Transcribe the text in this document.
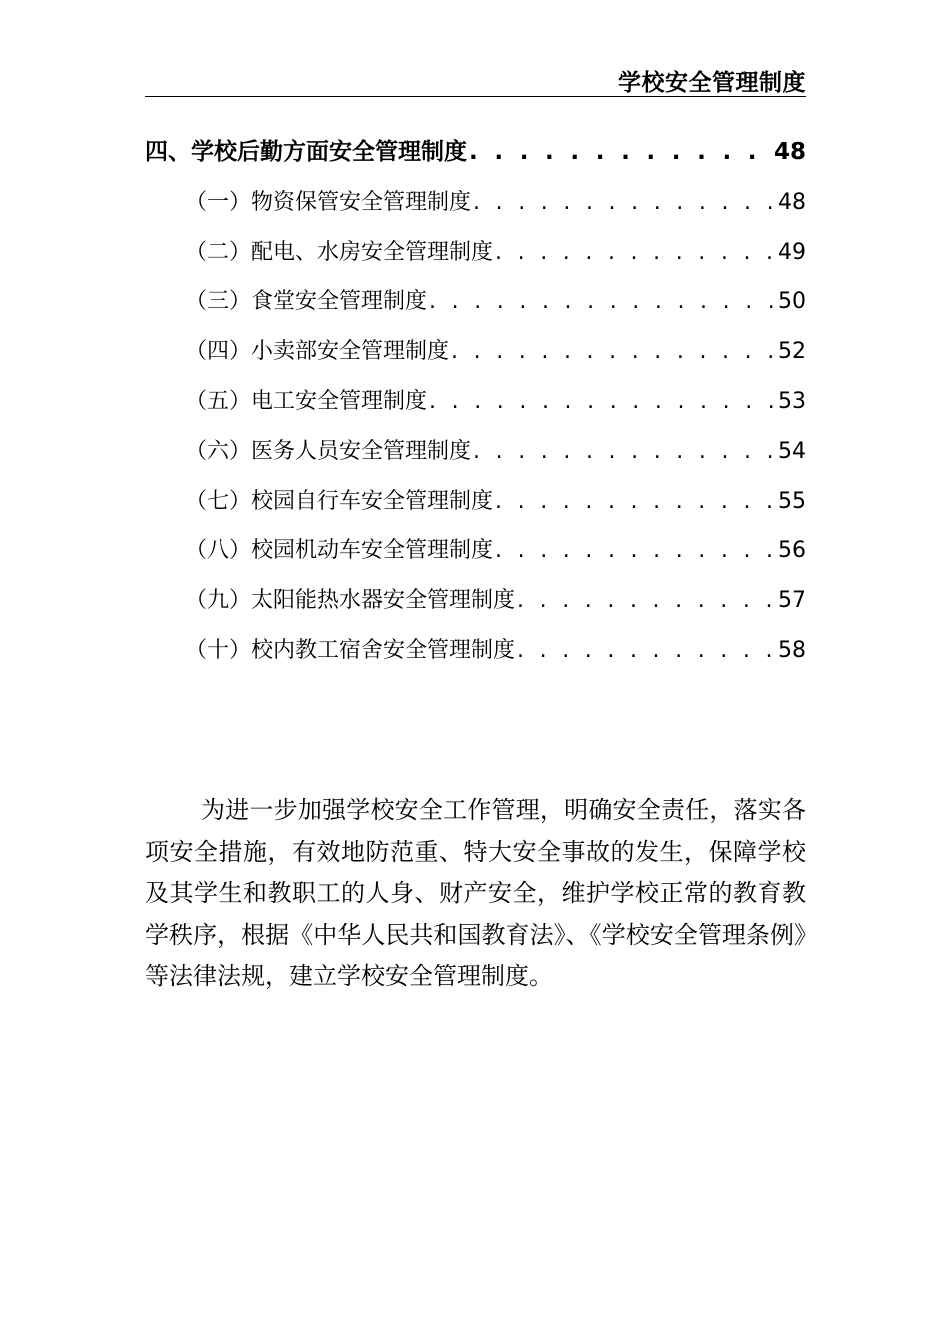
学校安全管理制度
四、学校后勤方面安全管理制度 . . .	48
（一）物资保管安全管理制度 . . .	48
（二）配电、水房安全管理制度 . . .	49
（三）食堂安全管理制度 . . .	50
（四）小卖部安全管理制度 . . .	52
（五）电工安全管理制度 . . .	53
（六）医务人员安全管理制度 . . .	54
（七）校园自行车安全管理制度 . . .	55
（八）校园机动车安全管理制度 . . .	56
（九）太阳能热水器安全管理制度 . . .	57
（十）校内教工宿舍安全管理制度 . . .	58

为进一步加强学校安全工作管理，明确安全责任，落实各项安全措施，有效地防范重、特大安全事故的发生，保障学校及其学生和教职工的人身、财产安全，维护学校正常的教育教学秩序，根据《中华人民共和国教育法》、《学校安全管理条例》等法律法规，建立学校安全管理制度。
